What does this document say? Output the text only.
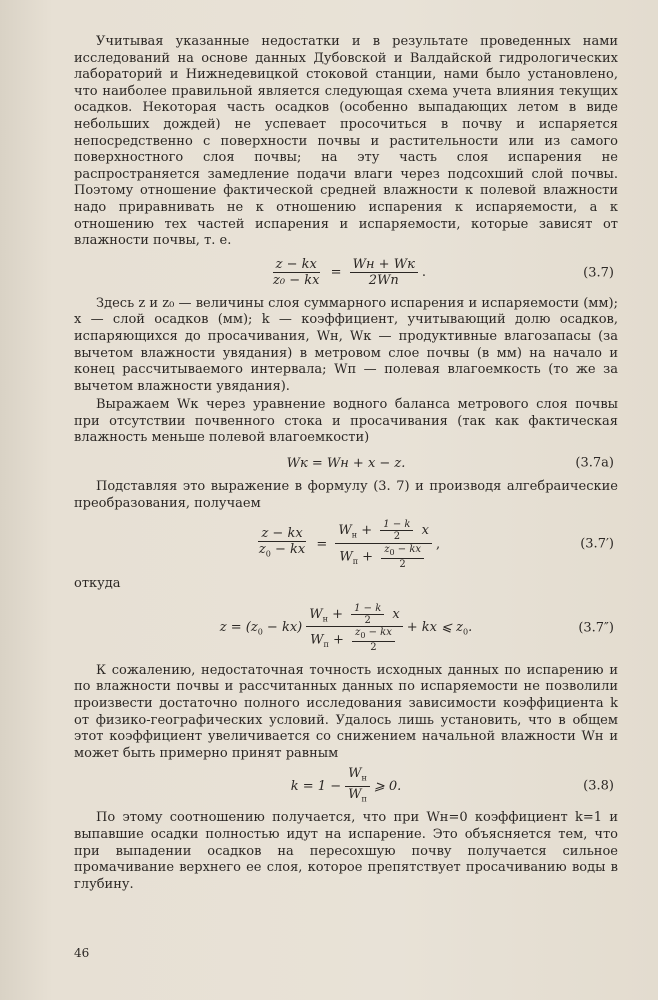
Учитывая указанные недостатки и в результате проведенных нами исследований на основе данных Дубовской и Валдайской гидрологических лабораторий и Нижнедевицкой стоковой станции, нами было установлено, что наиболее правильной является следующая схема учета влияния текущих осадков. Некоторая часть осадков (особенно выпадающих летом в виде небольших дождей) не успевает просочиться в почву и испаряется непосредственно с поверхности почвы и растительности или из самого поверхностного слоя почвы; на эту часть слоя испарения не распространяется замедление подачи влаги через подсохший слой почвы. Поэтому отношение фактической средней влажности к полевой влажности надо приравнивать не к отношению испарения к испаряемости, а к отношению тех частей испарения и испаряемости, которые зависят от влажности почвы, т. е.

$\frac{z - kx}{\text{z₀ − kx}} = \frac{Wн + Wк}{2Wп}$ .	(3.7)

Здесь z и z₀ — величины слоя суммарного испарения и испаряемости (мм); x — слой осадков (мм); k — коэффициент, учитывающий долю осадков, испаряющихся до просачивания, Wн, Wк — продуктивные влагозапасы (за вычетом влажности увядания) в метровом слое почвы (в мм) на начало и конец рассчитываемого интервала; Wп — полевая влагоемкость (то же за вычетом влажности увядания).

Выражаем Wк через уравнение водного баланса метрового слоя почвы при отсутствии почвенного стока и просачивания (так как фактическая влажность меньше полевой влагоемкости)

Wк = Wн + x − z.	(3.7а)

Подставляя это выражение в формулу (3. 7) и производя алгебраические преобразования, получаем

$\frac{z - kx}{z_0 - kx} = \frac{W_н + \frac{1 - k}{2} x}{W_п + \frac{z_0 - kx}{2}}$ ,	(3.7′)

откуда

$z = (z_0 - kx) \frac{W_н + \frac{1 - k}{2} x}{W_п + \frac{z_0 - kx}{2}}$ + kx ⩽ $z_0$.	(3.7″)

К сожалению, недостаточная точность исходных данных по испарению и по влажности почвы и рассчитанных данных по испаряемости не позволили произвести достаточно полного исследования зависимости коэффициента k от физико-географических условий. Удалось лишь установить, что в общем этот коэффициент увеличивается со снижением начальной влажности Wн и может быть примерно принят равным

$k = 1 - \frac{W_н}{W_п}$ ⩾ 0.	(3.8)

По этому соотношению получается, что при Wн=0 коэффициент k=1 и выпавшие осадки полностью идут на испарение. Это объясняется тем, что при выпадении осадков на пересохшую почву получается сильное промачивание верхнего ее слоя, которое препятствует просачиванию воды в глубину.

46
